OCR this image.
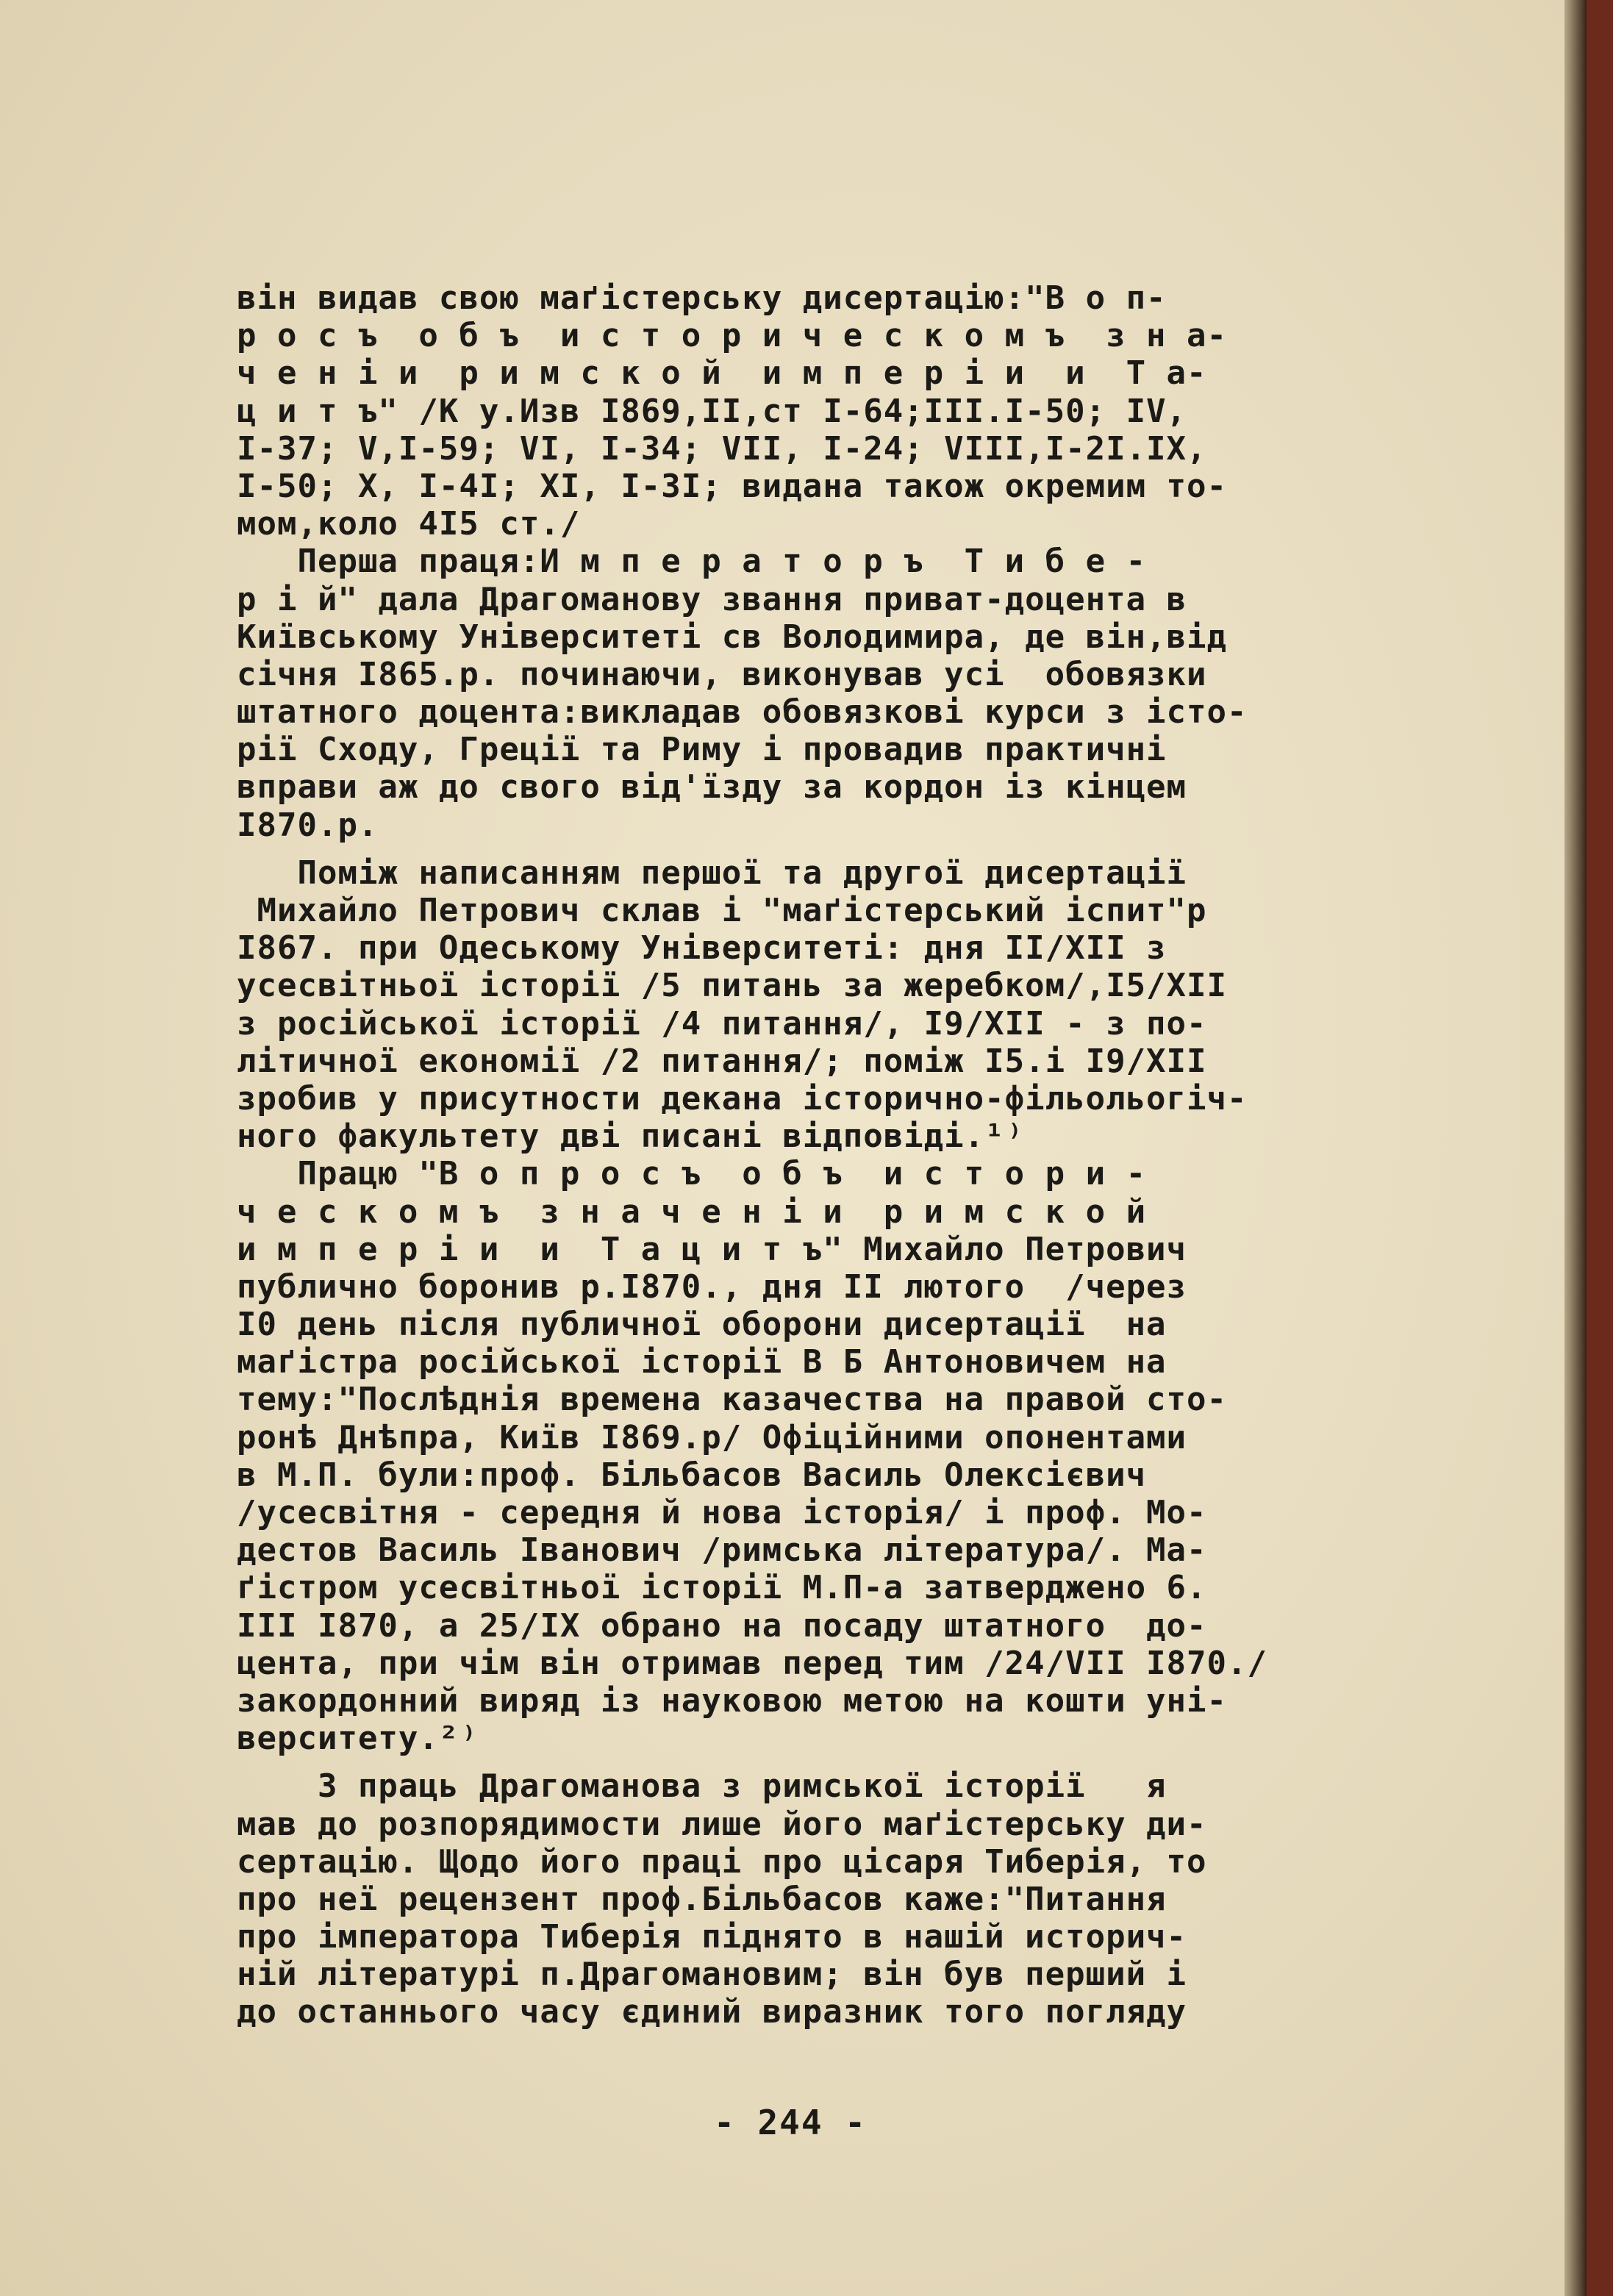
він видав свою маґістерську дисертацію:"В о п-
р о с ъ  о б ъ  и с т о р и ч е с к о м ъ  з н а-
ч е н і и  р и м с к о й  и м п е р і и  и  Т а-
ц и т ъ" /К у.Изв І869,ІІ,ст І-64;ІІІ.І-50; ІV,
І-37; V,І-59; VІ, І-34; VІІ, І-24; VІІІ,І-2І.ІХ,
І-50; Х, І-4І; ХІ, І-3І; видана також окремим то-
мом,коло 4І5 ст./
Перша праця:И м п е р а т о р ъ  Т и б е -
р і й" дала Драгоманову звання приват-доцента в
Київському Університеті св Володимира, де він,від
січня І865.р. починаючи, виконував усі  обовязки
штатного доцента:викладав обовязкові курси з істо-
рії Сходу, Греції та Риму і провадив практичні
вправи аж до свого від'їзду за кордон із кінцем
І870.р.
Поміж написанням першої та другої дисертації
Михайло Петрович склав і "маґістерський іспит"р
І867. при Одеському Університеті: дня ІІ/ХІІ з
усесвітньої історії /5 питань за жеребком/,І5/ХІІ
з російської історії /4 питання/, І9/ХІІ - з по-
літичної економії /2 питання/; поміж І5.і І9/ХІІ
зробив у присутности декана історично-фільольогіч-
ного факультету дві писані відповіді.¹⁾
Працю "В о п р о с ъ  о б ъ  и с т о р и -
ч е с к о м ъ  з н а ч е н і и  р и м с к о й
и м п е р і и  и  Т а ц и т ъ" Михайло Петрович
публично боронив р.І870., дня ІІ лютого  /через
І0 день після публичної оборони дисертації  на
маґістра російської історії В Б Антоновичем на
тему:"Послѣднія времена казачества на правой сто-
ронѣ Днѣпра, Київ І869.р/ Офіційними опонентами
в М.П. були:проф. Більбасов Василь Олексієвич
/усесвітня - середня й нова історія/ і проф. Мо-
дестов Василь Іванович /римська література/. Ма-
ґістром усесвітньої історії М.П-а затверджено 6.
ІІІ І870, а 25/ІХ обрано на посаду штатного  до-
цента, при чім він отримав перед тим /24/VІІ І870./
закордонний виряд із науковою метою на кошти уні-
верситету.²⁾
З праць Драгоманова з римської історії   я
мав до розпорядимости лише його маґістерську ди-
сертацію. Щодо його праці про цісаря Тиберія, то
про неї рецензент проф.Більбасов каже:"Питання
про імператора Тиберія піднято в нашій историч-
ній літературі п.Драгомановим; він був перший і
до останнього часу єдиний виразник того погляду
- 244 -
